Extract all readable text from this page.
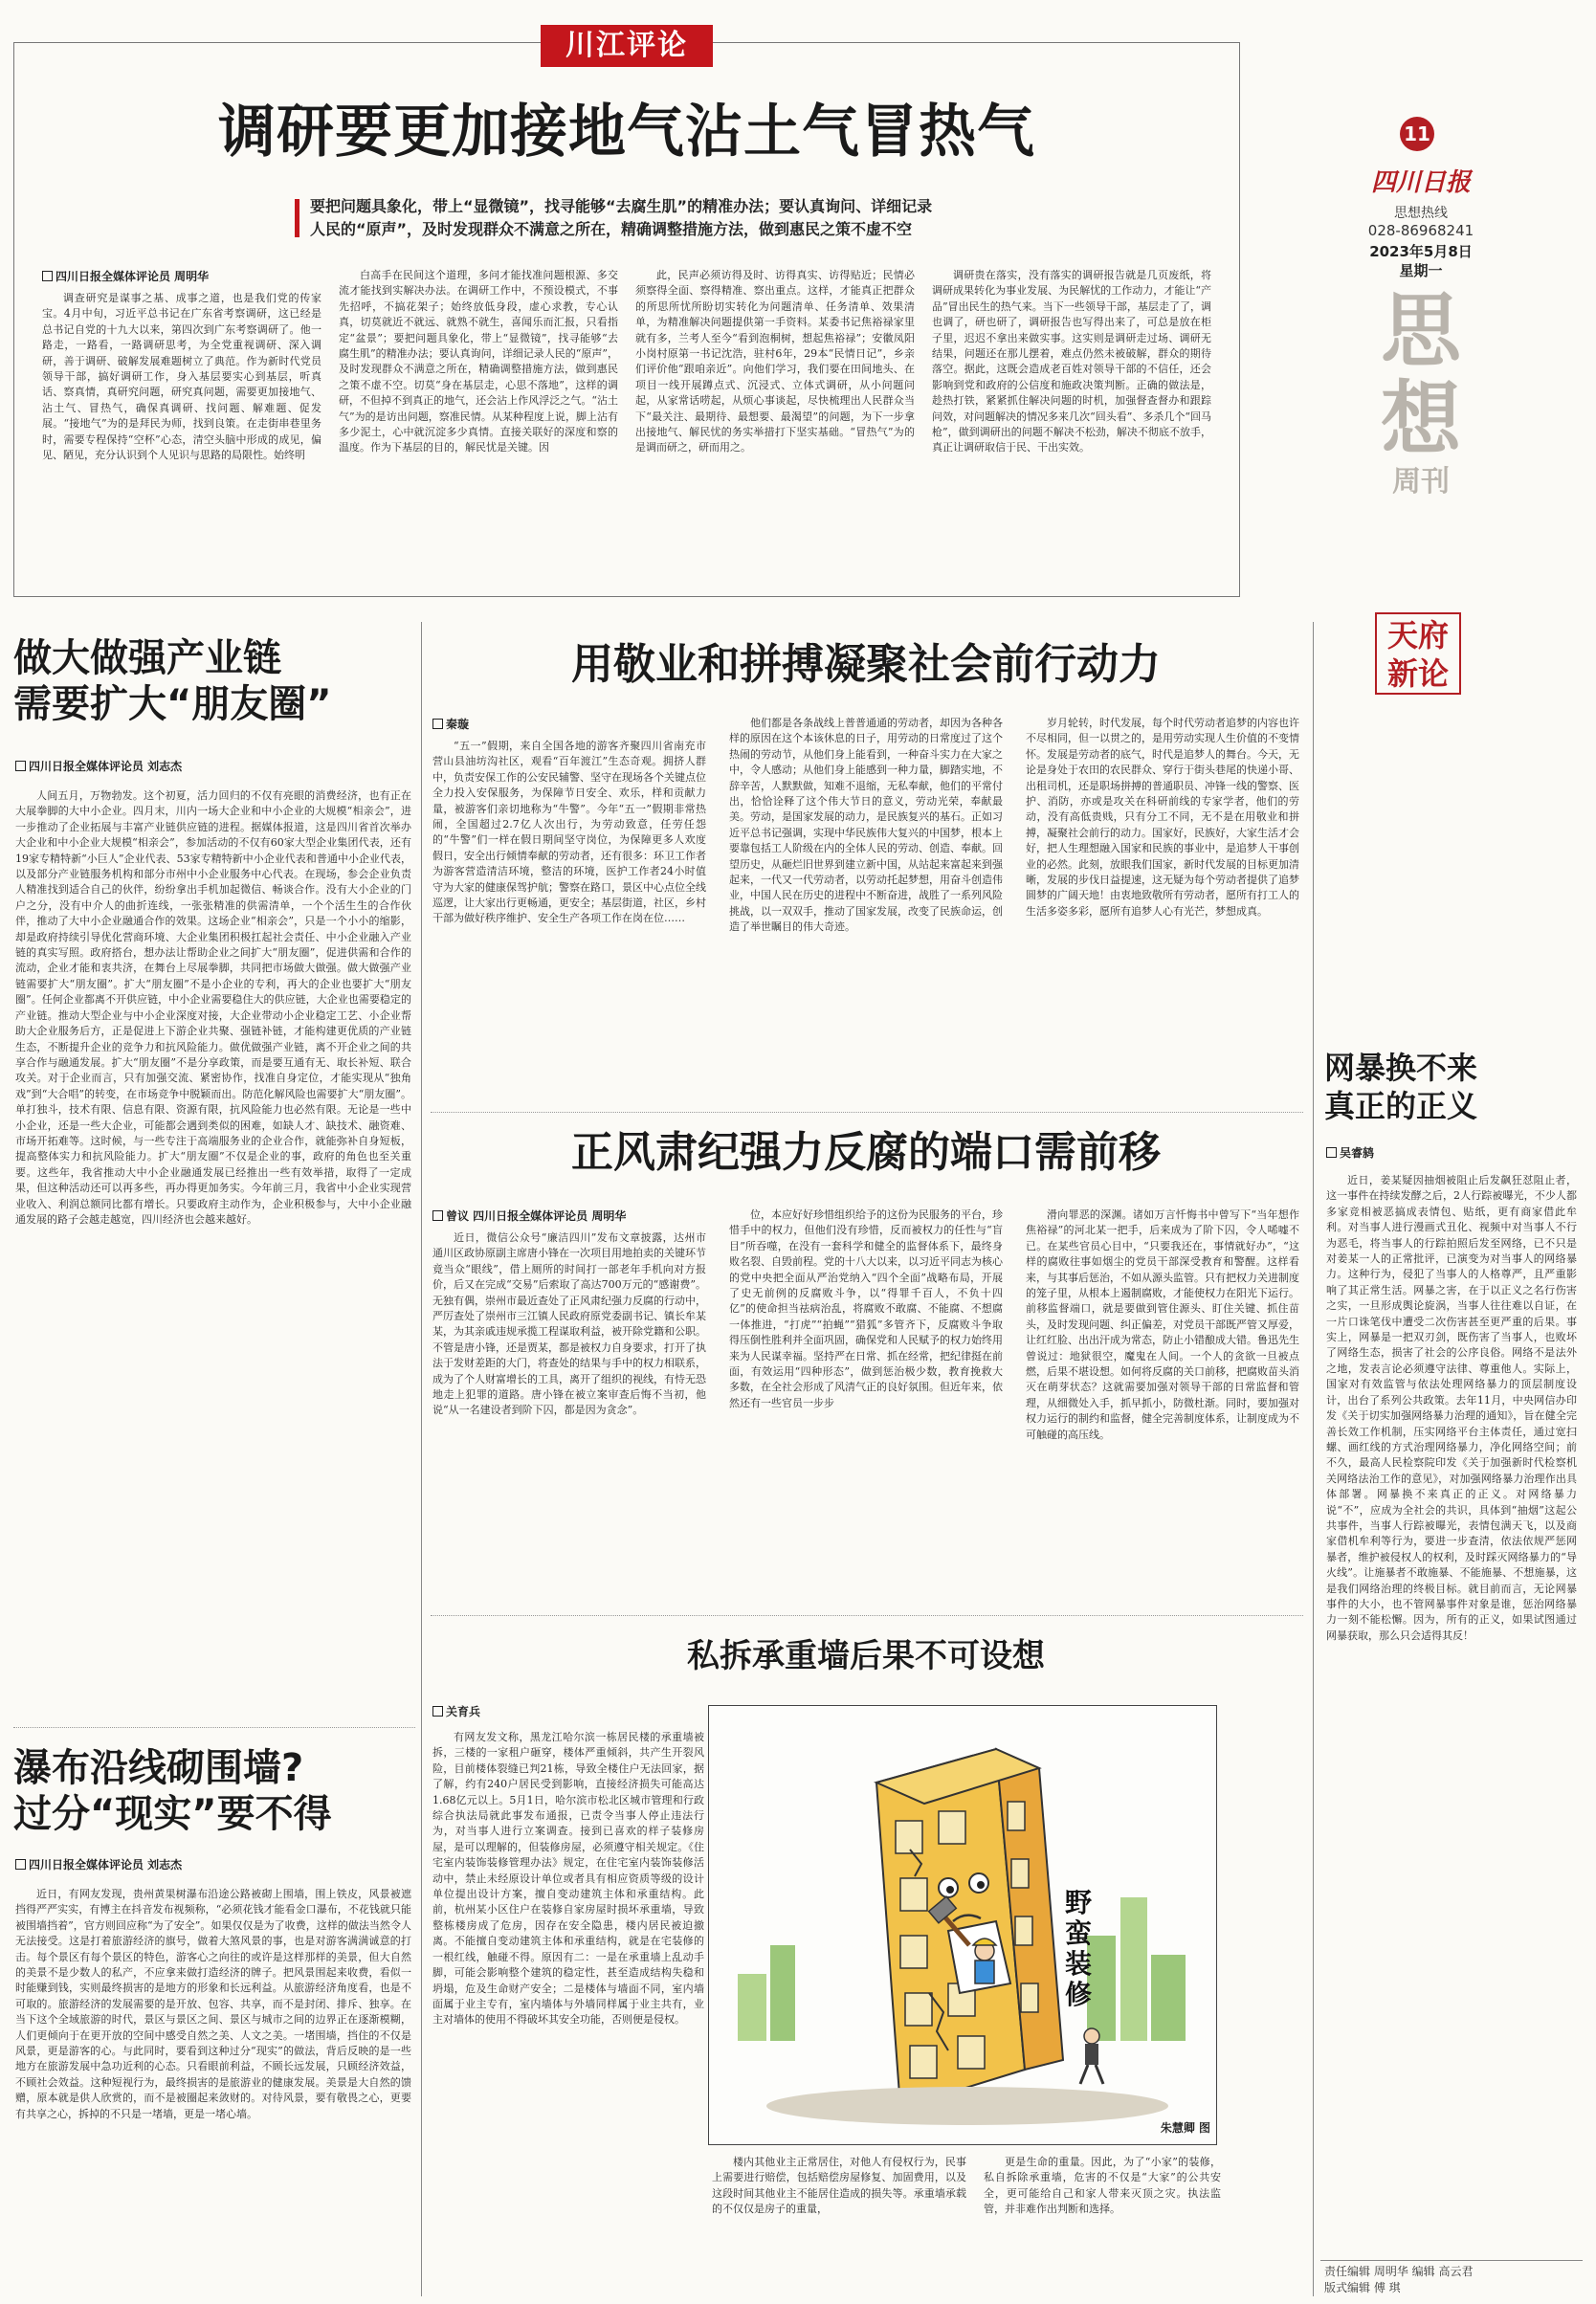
11
四川日报
思想热线
028-86968241
2023年5月8日
星期一
思
想
周刊
天府
新论
川江评论
调研要更加接地气沾土气冒热气
要把问题具象化，带上“显微镜”，找寻能够“去腐生肌”的精准办法；要认真询问、详细记录
人民的“原声”，及时发现群众不满意之所在，精确调整措施方法，做到惠民之策不虚不空
四川日报全媒体评论员 周明华

调查研究是谋事之基、成事之道，也是我们党的传家宝。4月中旬，习近平总书记在广东省考察调研，这已经是总书记自党的十九大以来，第四次到广东考察调研了。他一路走，一路看，一路调研思考，为全党重视调研、深入调研，善于调研、破解发展难题树立了典范。作为新时代党员领导干部，搞好调研工作，身入基层要实心到基层，听真话、察真情，真研究问题，研究真问题，需要更加接地气、沾土气、冒热气，确保真调研、找问题、解难题、促发展。“接地气”为的是拜民为师，找到良策。在走街串巷里务时，需要专程保持“空杯”心态，清空头脑中形成的成见，偏见、陋见，充分认识到个人见识与思路的局限性。始终明

白高手在民间这个道理，多问才能找准问题根源、多交流才能找到实解决办法。在调研工作中，不预设模式，不事先招呼，不搞花架子；始终放低身段，虚心求教，专心认真，切莫就近不就远、就熟不就生，喜闻乐而汇报，只看指定“盆景”；要把问题具象化，带上“显微镜”，找寻能够“去腐生肌”的精准办法；要认真询问，详细记录人民的“原声”，及时发现群众不满意之所在，精确调整措施方法，做到惠民之策不虚不空。切莫“身在基层走，心思不落地”，这样的调研，不但掉不到真正的地气，还会沾上作风浮泛之气。“沾土气”为的是访出问题，察准民情。从某种程度上说，脚上沾有多少泥土，心中就沉淀多少真情。直接关联好的深度和察的温度。作为下基层的目的，解民忧是关键。因

此，民声必须访得及时、访得真实、访得贴近；民情必须察得全面、察得精准、察出重点。这样，才能真正把群众的所思所忧所盼切实转化为问题清单、任务清单、效果清单，为精准解决问题提供第一手资料。某委书记焦裕禄家里就有多，兰考人至今“看到泡桐树，想起焦裕禄”；安徽凤阳小岗村原第一书记沈浩，驻村6年，29本“民情日记”，乡亲们评价他“跟咱亲近”。向他们学习，我们要在田间地头、在项目一线开展蹲点式、沉浸式、立体式调研，从小问题问起，从家常话唠起，从烦心事谈起，尽快梳理出人民群众当下“最关注、最期待、最想要、最渴望”的问题，为下一步拿出接地气、解民忧的务实举措打下坚实基础。“冒热气”为的是调而研之，研而用之。

调研贵在落实，没有落实的调研报告就是几页废纸，将调研成果转化为事业发展、为民解忧的工作动力，才能让“产品”冒出民生的热气来。当下一些领导干部，基层走了了，调也调了，研也研了，调研报告也写得出来了，可总是放在柜子里，迟迟不拿出来做实事。这实则是调研走过场、调研无结果，问题还在那儿摆着，难点仍然未被破解，群众的期待落空。据此，这既会造成老百姓对领导干部的不信任，还会影响到党和政府的公信度和施政决策判断。正确的做法是，趁热打铁，紧紧抓住解决问题的时机，加强督查督办和跟踪问效，对问题解决的情况多来几次“回头看”、多杀几个“回马枪”，做到调研出的问题不解决不松劲，解决不彻底不放手，真正让调研取信于民、干出实效。

做大做强产业链
需要扩大“朋友圈”
四川日报全媒体评论员 刘志杰

人间五月，万物勃发。这个初夏，活力回归的不仅有亮眼的消费经济，也有正在大展拳脚的大中小企业。四月末，川内一场大企业和中小企业的大规模“相亲会”，进一步推动了企业拓展与丰富产业链供应链的进程。据媒体报道，这是四川省首次举办大企业和中小企业大规模“相亲会”，参加活动的不仅有60家大型企业集团代表，还有19家专精特新“小巨人”企业代表、53家专精特新中小企业代表和普通中小企业代表，以及部分产业链服务机构和部分市州中小企业服务中心代表。在现场，参会企业负责人精准找到适合自己的伙伴，纷纷拿出手机加起微信、畅谈合作。没有大小企业的门户之分，没有中介人的曲折连线，一张张精准的供需清单，一个个活生生的合作伙伴，推动了大中小企业融通合作的效果。这场企业“相亲会”，只是一个小小的缩影，却是政府持续引导优化营商环境、大企业集团积极扛起社会责任、中小企业融入产业链的真实写照。政府搭台，想办法让帮助企业之间扩大“朋友圈”，促进供需和合作的流动，企业才能和衷共济，在舞台上尽展拳脚，共同把市场做大做强。做大做强产业链需要扩大“朋友圈”。扩大“朋友圈”不是小企业的专利，再大的企业也要扩大“朋友圈”。任何企业都离不开供应链，中小企业需要稳住大的供应链，大企业也需要稳定的产业链。推动大型企业与中小企业深度对接，大企业带动小企业稳定工艺、小企业帮助大企业服务后方，正是促进上下游企业共聚、强链补链，才能构建更优质的产业链生态，不断提升企业的竞争力和抗风险能力。做优做强产业链，离不开企业之间的共享合作与融通发展。扩大“朋友圈”不是分享政策，而是要互通有无、取长补短、联合攻关。对于企业而言，只有加强交流、紧密协作，找准自身定位，才能实现从“独角戏”到“大合唱”的转变，在市场竞争中脱颖而出。防范化解风险也需要扩大“朋友圈”。单打独斗，技术有限、信息有限、资源有限，抗风险能力也必然有限。无论是一些中小企业，还是一些大企业，可能都会遇到类似的困难，如缺人才、缺技术、融资难、市场开拓难等。这时候，与一些专注于高端服务业的企业合作，就能弥补自身短板，提高整体实力和抗风险能力。扩大“朋友圈”不仅是企业的事，政府的角色也至关重要。这些年，我省推动大中小企业融通发展已经推出一些有效举措，取得了一定成果，但这种活动还可以再多些，再办得更加务实。今年前三月，我省中小企业实现营业收入、利润总额同比都有增长。只要政府主动作为，企业积极参与，大中小企业融通发展的路子会越走越宽，四川经济也会越来越好。

瀑布沿线砌围墙?
过分“现实”要不得
四川日报全媒体评论员 刘志杰

近日，有网友发现，贵州黄果树瀑布沿途公路被砌上围墙，围上铁皮，风景被遮挡得严严实实，有博主在抖音发布视频称，“必须花钱才能看金口瀑布，不花钱就只能被围墙挡着”，官方则回应称“为了安全”。如果仅仅是为了收费，这样的做法当然令人无法接受。这是打着旅游经济的旗号，做着大煞风景的事，也是对游客满满诚意的打击。每个景区有每个景区的特色，游客心之向往的或许是这样那样的美景，但大自然的美景不是少数人的私产，不应拿来做打造经济的牌子。把风景围起来收费，看似一时能赚到钱，实则最终损害的是地方的形象和长远利益。从旅游经济角度看，也是不可取的。旅游经济的发展需要的是开放、包容、共享，而不是封闭、排斥、独享。在当下这个全域旅游的时代，景区与景区之间、景区与城市之间的边界正在逐渐模糊，人们更倾向于在更开放的空间中感受自然之美、人文之美。一堵围墙，挡住的不仅是风景，更是游客的心。与此同时，要看到这种过分“现实”的做法，背后反映的是一些地方在旅游发展中急功近利的心态。只看眼前利益，不顾长远发展，只顾经济效益，不顾社会效益。这种短视行为，最终损害的是旅游业的健康发展。美景是大自然的馈赠，原本就是供人欣赏的，而不是被圈起来敛财的。对待风景，要有敬畏之心，更要有共享之心，拆掉的不只是一堵墙，更是一堵心墙。

用敬业和拼搏凝聚社会前行动力
秦璇

“五一”假期，来自全国各地的游客齐聚四川省南充市营山县油坊沟社区，观看“百年渡江”生态奇观。拥挤人群中，负责安保工作的公安民辅警、坚守在现场各个关键点位全力投入安保服务，为保障节日安全、欢乐，样和贡献力量，被游客们亲切地称为“牛警”。今年“五一”假期非常热闹，全国超过2.7亿人次出行，为劳动致意，任劳任怨的“牛警”们一样在假日期间坚守岗位，为保障更多人欢度假日，安全出行倾情奉献的劳动者，还有很多：环卫工作者为游客营造清洁环境，整洁的环境，医护工作者24小时值守为大家的健康保驾护航；警察在路口，景区中心点位全线巡逻，让大家出行更畅通，更安全；基层街道，社区，乡村干部为做好秩序维护、安全生产各项工作在岗在位……

他们都是各条战线上普普通通的劳动者，却因为各种各样的原因在这个本该休息的日子，用劳动的日常度过了这个热闹的劳动节，从他们身上能看到，一种奋斗实力在大家之中，令人感动；从他们身上能感到一种力量，脚踏实地，不辞辛苦，人默默做，知难不退缩，无私奉献，他们的平常付出，恰恰诠释了这个伟大节日的意义，劳动光荣，奉献最美。劳动，是国家发展的动力，是民族复兴的基石。正如习近平总书记强调，实现中华民族伟大复兴的中国梦，根本上要靠包括工人阶级在内的全体人民的劳动、创造、奉献。回望历史，从砸烂旧世界到建立新中国，从站起来富起来到强起来，一代又一代劳动者，以劳动托起梦想，用奋斗创造伟业，中国人民在历史的进程中不断奋进，战胜了一系列风险挑战，以一双双手，推动了国家发展，改变了民族命运，创造了举世瞩目的伟大奇迹。

岁月轮转，时代发展，每个时代劳动者追梦的内容也许不尽相同，但一以贯之的，是用劳动实现人生价值的不变情怀。发展是劳动者的底气，时代是追梦人的舞台。今天，无论是身处于农田的农民群众、穿行于街头巷尾的快递小哥、出租司机，还是职场拼搏的普通职员、冲锋一线的警察、医护、消防，亦或是攻关在科研前线的专家学者，他们的劳动，没有高低贵贱，只有分工不同，无不是在用敬业和拼搏，凝聚社会前行的动力。国家好，民族好，大家生活才会好，把人生理想融入国家和民族的事业中，是追梦人干事创业的必然。此刻，放眼我们国家，新时代发展的目标更加清晰，发展的步伐日益提速，这无疑为每个劳动者提供了追梦圆梦的广阔天地！由衷地致敬所有劳动者，愿所有打工人的生活多姿多彩，愿所有追梦人心有光芒，梦想成真。

正风肃纪强力反腐的端口需前移
曾议 四川日报全媒体评论员 周明华

近日，微信公众号“廉洁四川”发布文章披露，达州市通川区政协原副主席唐小锋在一次项目用地拍卖的关键环节竟当众“眼线”，借上厕所的时间打一部老年手机向对方报价，后又在完成“交易”后索取了高达700万元的“感谢费”。无独有偶，崇州市最近查处了正风肃纪强力反腐的行动中，严厉查处了崇州市三江镇人民政府原党委副书记、镇长牟某某，为其亲戚违规承揽工程谋取利益，被开除党籍和公职。不管是唐小锋，还是贾某，都是被权力自身要求，打开了执法于发财差距的大门，将查处的结果与手中的权力相联系，成为了个人财富增长的工具，离开了组织的视线，有恃无恐地走上犯罪的道路。唐小锋在被立案审查后悔不当初，他说“从一名建设者到阶下囚，都是因为贪念”。

位，本应好好珍惜组织给予的这份为民服务的平台，珍惜手中的权力，但他们没有珍惜，反而被权力的任性与“盲目”所吞噬，在没有一套科学和健全的监督体系下，最终身败名裂、自毁前程。党的十八大以来，以习近平同志为核心的党中央把全面从严治党纳入“四个全面”战略布局，开展了史无前例的反腐败斗争，以“得罪千百人，不负十四亿”的使命担当祛病治乱，将腐败不敢腐、不能腐、不想腐一体推进，“打虎”“拍蝇”“猎狐”多管齐下，反腐败斗争取得压倒性胜利并全面巩固，确保党和人民赋予的权力始终用来为人民谋幸福。坚持严在日常、抓在经常，把纪律挺在前面，有效运用“四种形态”，做到惩治极少数，教育挽救大多数，在全社会形成了风清气正的良好氛围。但近年来，依然还有一些官员一步步

滑向罪恶的深渊。诸如万言忏悔书中曾写下“当年想作焦裕禄”的河北某一把手，后来成为了阶下囚，令人唏嘘不已。在某些官员心目中，“只要我还在，事情就好办”，“这样的腐败往事如烟尘的党员干部深受教育和警醒。这样看来，与其事后惩治，不如从源头监管。只有把权力关进制度的笼子里，从根本上遏制腐败，才能使权力在阳光下运行。前移监督端口，就是要做到管住源头、盯住关键、抓住苗头，及时发现问题、纠正偏差，对党员干部既严管又厚爱，让红红脸、出出汗成为常态，防止小错酿成大错。鲁迅先生曾说过：地狱很空，魔鬼在人间。一个人的贪欲一旦被点燃，后果不堪设想。如何将反腐的关口前移，把腐败苗头消灭在萌芽状态？这就需要加强对领导干部的日常监督和管理，从细微处入手，抓早抓小，防微杜渐。同时，要加强对权力运行的制约和监督，健全完善制度体系，让制度成为不可触碰的高压线。

私拆承重墙后果不可设想
关育兵

有网友发文称，黑龙江哈尔滨一栋居民楼的承重墙被拆，三楼的一家租户砸穿，楼体严重倾斜，共产生开裂风险，目前楼体裂缝已判21栋，导致全楼住户无法回家，据了解，约有240户居民受到影响，直接经济损失可能高达1.68亿元以上。5月1日，哈尔滨市松北区城市管理和行政综合执法局就此事发布通报，已责令当事人停止违法行为，对当事人进行立案调查。接到已喜欢的样子装修房屋，是可以理解的，但装修房屋，必须遵守相关规定。《住宅室内装饰装修管理办法》规定，在住宅室内装饰装修活动中，禁止未经原设计单位或者具有相应资质等级的设计单位提出设计方案，擅自变动建筑主体和承重结构。此前，杭州某小区住户在装修自家房屋时损坏承重墙，导致整栋楼房成了危房，因存在安全隐患，楼内居民被迫撤离。不能擅自变动建筑主体和承重结构，就是在宅装修的一根红线，触碰不得。原因有二：一是在承重墙上乱动手脚，可能会影响整个建筑的稳定性，甚至造成结构失稳和坍塌，危及生命财产安全；二是楼体与墙面不同，室内墙面属于业主专有，室内墙体与外墙同样属于业主共有，业主对墙体的使用不得破坏其安全功能，否则便是侵权。

野
蛮
装
修
朱慧卿 图

楼内其他业主正常居住，对他人有侵权行为，民事上需要进行赔偿，包括赔偿房屋修复、加固费用，以及这段时间其他业主不能居住造成的损失等。承重墙承载的不仅仅是房子的重量，

更是生命的重量。因此，为了“小家”的装修，私自拆除承重墙，危害的不仅是“大家”的公共安全，更可能给自己和家人带来灭顶之灾。执法监管，并非难作出判断和选择。

网暴换不来
真正的正义
吴睿鸫

近日，姜某疑因抽烟被阻止后发飙狂怼阻止者，这一事件在持续发酵之后，2人行踪被曝光，不少人都多家竞相被恶搞成表情包、贴纸，更有商家借此牟利。对当事人进行漫画式丑化、视频中对当事人不行为恶毛，将当事人的行踪拍照后发至网络，已不只是对姜某一人的正常批评，已演变为对当事人的网络暴力。这种行为，侵犯了当事人的人格尊严，且严重影响了其正常生活。网暴之害，在于以正义之名行伤害之实，一旦形成舆论旋涡，当事人往往难以自证，在一片口诛笔伐中遭受二次伤害甚至更严重的后果。事实上，网暴是一把双刃剑，既伤害了当事人，也败坏了网络生态，损害了社会的公序良俗。网络不是法外之地，发表言论必须遵守法律、尊重他人。实际上，国家对有效监管与依法处理网络暴力的顶层制度设计，出台了系列公共政策。去年11月，中央网信办印发《关于切实加强网络暴力治理的通知》，旨在健全完善长效工作机制，压实网络平台主体责任，通过宽扫螺、画红线的方式治理网络暴力，净化网络空间；前不久，最高人民检察院印发《关于加强新时代检察机关网络法治工作的意见》，对加强网络暴力治理作出具体部署。网暴换不来真正的正义。对网络暴力说“不”，应成为全社会的共识，具体到“抽烟”这起公共事件，当事人行踪被曝光，表情包满天飞，以及商家借机牟利等行为，要进一步查清，依法依规严惩网暴者，维护被侵权人的权利，及时踩灭网络暴力的“导火线”。让施暴者不敢施暴、不能施暴、不想施暴，这是我们网络治理的终极目标。就目前而言，无论网暴事件的大小，也不管网暴事件对象是谁，惩治网络暴力一刻不能松懈。因为，所有的正义，如果试图通过网暴获取，那么只会适得其反！

责任编辑 周明华 编辑 高云君
版式编辑 傅 琪
